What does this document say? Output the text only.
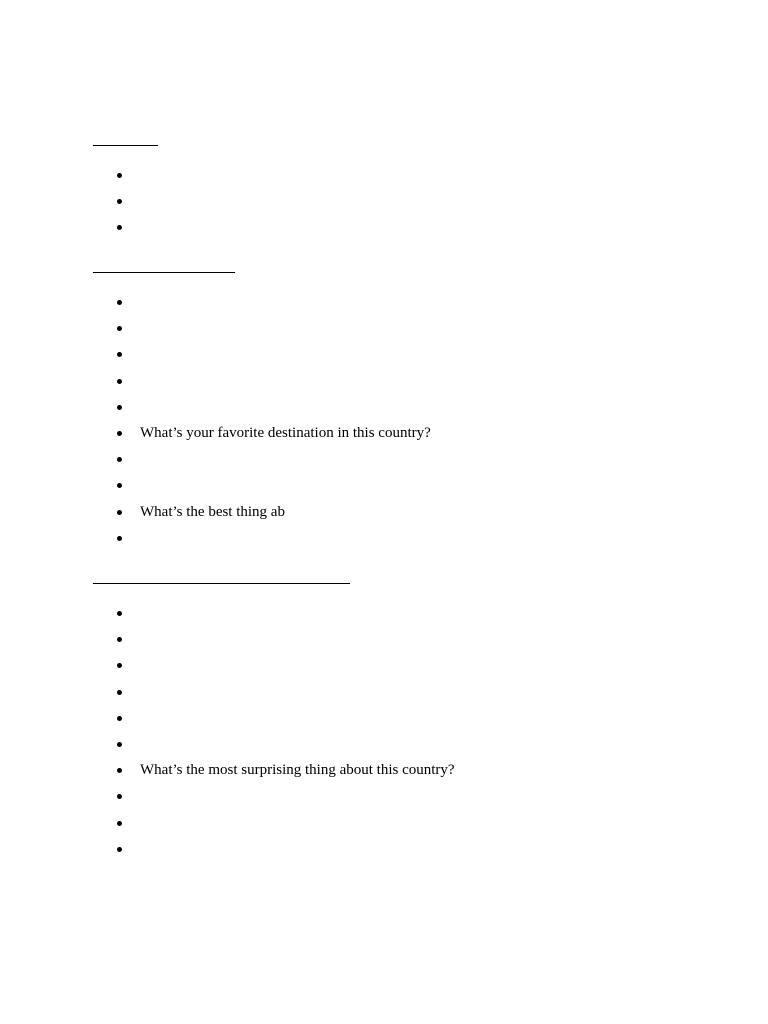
What’s your favorite destination in this country?
What’s the best thing ab
What’s the most surprising thing about this country?
